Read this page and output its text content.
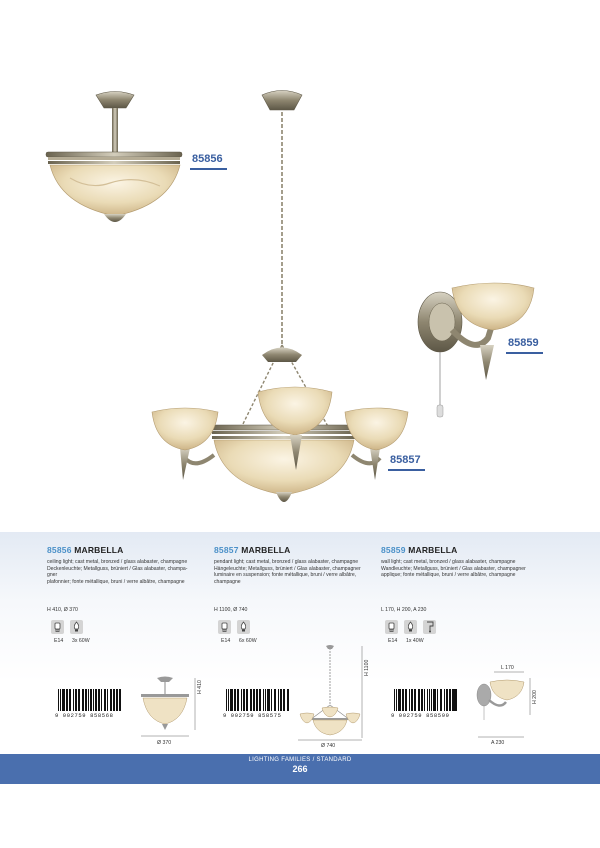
85856
85857
85859
85856 MARBELLA
ceiling light; cast metal, bronzed / glass alabaster, champagne
Deckenleuchte; Metallguss, brüniert / Glas alabaster, champa-
gner
plafonnier; fonte métallique, bruni / verre albâtre, champagne
H 410, Ø 370
85857 MARBELLA
pendant light; cast metal, bronzed / glass alabaster, champagne
Hängeleuchte; Metallguss, brüniert / Glas alabaster, champagner
luminaire en suspension; fonte métallique, bruni / verre albâtre,
champagne
H 1100, Ø 740
85859 MARBELLA
wall light; cast metal, bronzed / glass alabaster, champagne
Wandleuchte; Metallguss, brüniert / Glas alabaster, champagner
applique; fonte métallique, bruni / verre albâtre, champagne
L 170, H 200, A 230
E14 3x 60W	E14 6x 60W	E14 1x 40W
9 002759 858568	9 002759 858575	9 002759 858599
H 410
Ø 370
H 1100
Ø 740
L 170
H 200
A 230
LIGHTING FAMILIES / STANDARD
266
